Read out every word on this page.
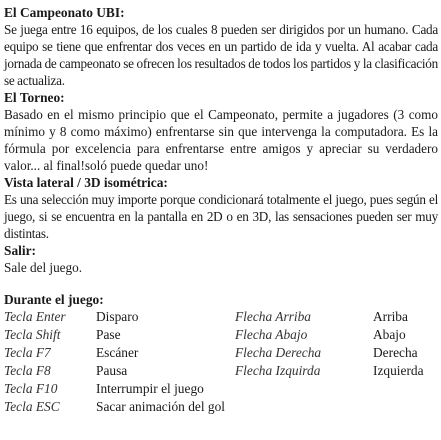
El Campeonato UBI:

Se juega entre 16 equipos, de los cuales 8 pueden ser dirigidos por un humano. Cada equipo se tiene que enfrentar dos veces en un partido de ida y vuelta. Al acabar cada jornada de campeonato se ofrecen los resultados de todos los partidos y la clasificación se actualiza.

El Torneo:

Basado en el mismo principio que el Campeonato, permite a jugadores (3 como mínimo y 8 como máximo) enfrentarse sin que intervenga la computadora. Es la fórmula por excelencia para enfrentarse entre amigos y apreciar su verdadero valor... al final!soló puede quedar uno!

Vista lateral / 3D isométrica:

Es una selección muy importe porque condicionará totalmente el juego, pues según el juego, si se encuentra en la pantalla en 2D o en 3D, las sensaciones pueden ser muy distintas.

Salir:

Sale del juego.

Durante el juego:
Tecla Enter
Tecla Shift
Tecla F7
Tecla F8
Tecla F10
Tecla ESC
Disparo
Pase
Escáner
Pausa
Interrumpir el juego
Sacar animación del gol
Flecha Arriba
Flecha Abajo
Flecha Derecha
Flecha Izquirda
Arriba
Abajo
Derecha
Izquierda
